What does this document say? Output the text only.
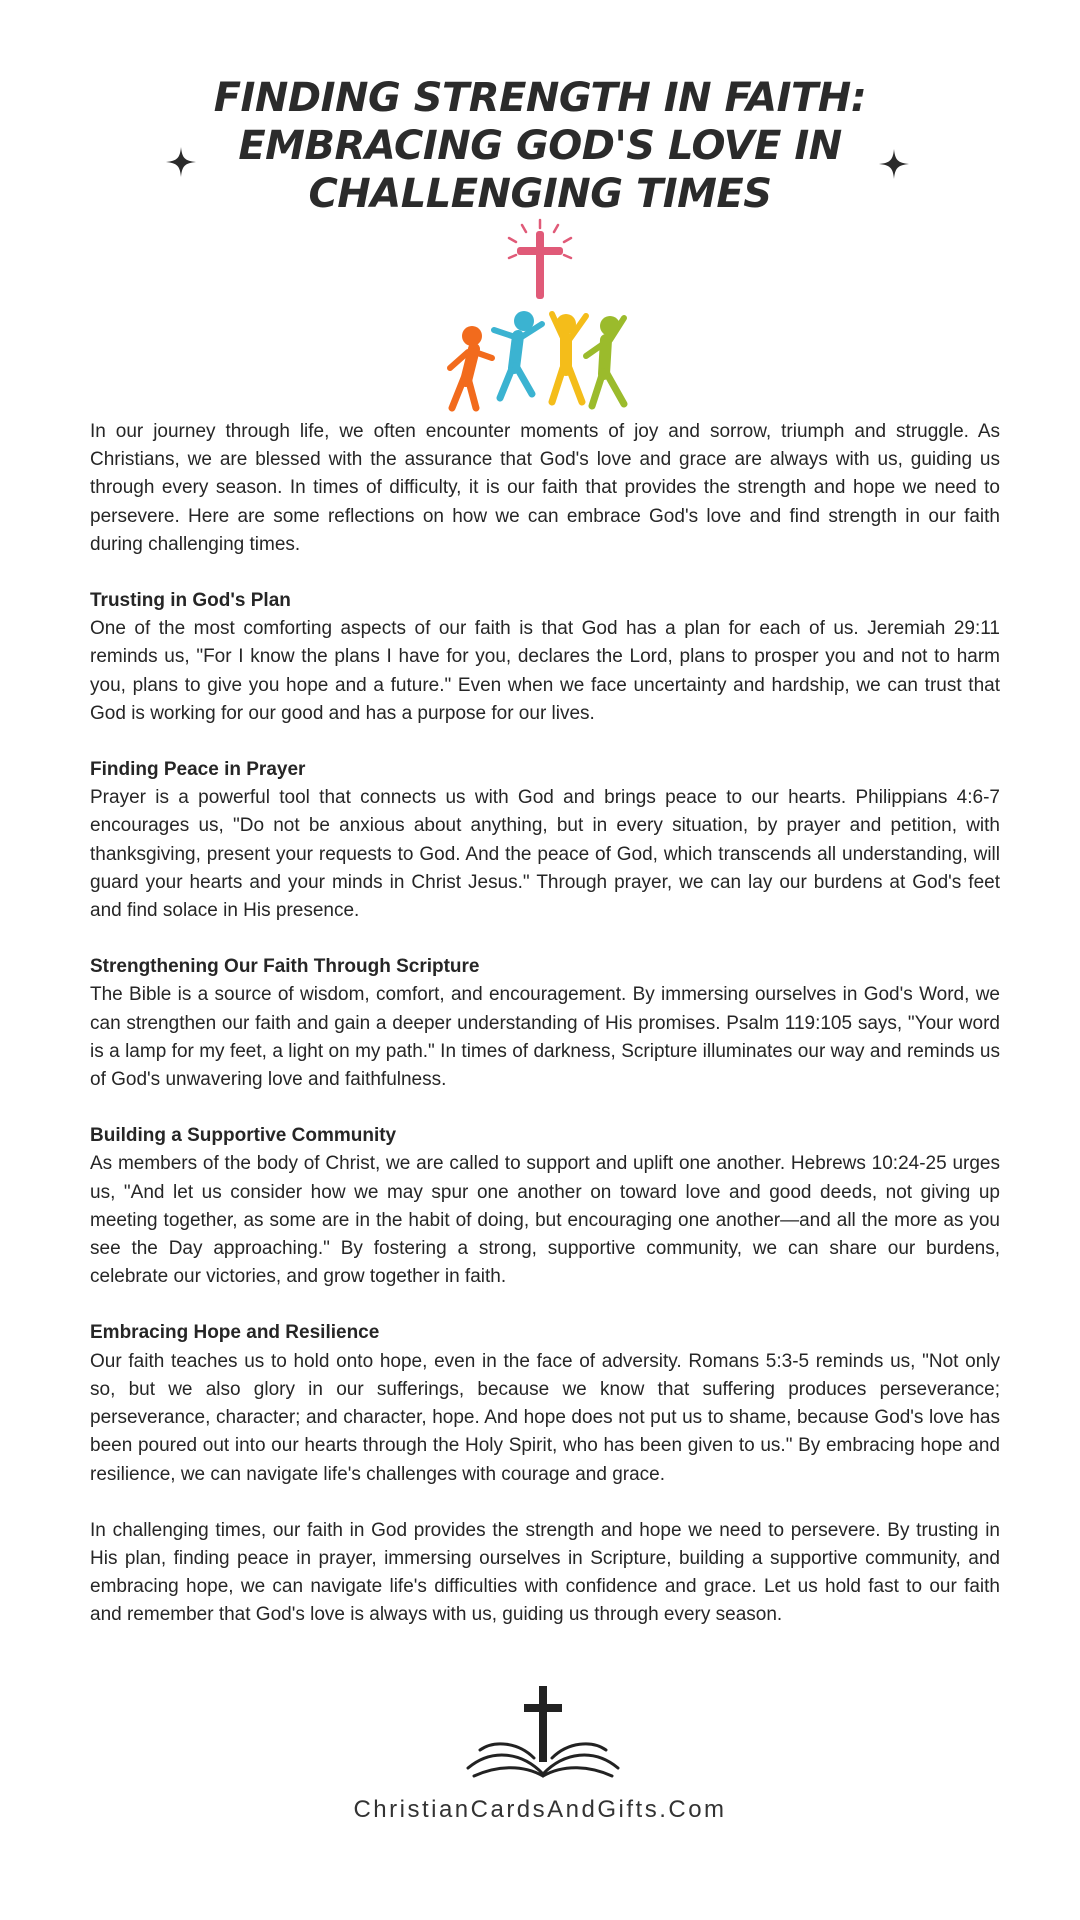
FINDING STRENGTH IN FAITH:
EMBRACING GOD'S LOVE IN
CHALLENGING TIMES

In our journey through life, we often encounter moments of joy and sorrow, triumph and struggle. As Christians, we are blessed with the assurance that God's love and grace are always with us, guiding us through every season. In times of difficulty, it is our faith that provides the strength and hope we need to persevere. Here are some reflections on how we can embrace God's love and find strength in our faith during challenging times.

Trusting in God's Plan

One of the most comforting aspects of our faith is that God has a plan for each of us. Jeremiah 29:11 reminds us, "For I know the plans I have for you, declares the Lord, plans to prosper you and not to harm you, plans to give you hope and a future." Even when we face uncertainty and hardship, we can trust that God is working for our good and has a purpose for our lives.

Finding Peace in Prayer

Prayer is a powerful tool that connects us with God and brings peace to our hearts. Philippians 4:6-7 encourages us, "Do not be anxious about anything, but in every situation, by prayer and petition, with thanksgiving, present your requests to God. And the peace of God, which transcends all understanding, will guard your hearts and your minds in Christ Jesus." Through prayer, we can lay our burdens at God's feet and find solace in His presence.

Strengthening Our Faith Through Scripture

The Bible is a source of wisdom, comfort, and encouragement. By immersing ourselves in God's Word, we can strengthen our faith and gain a deeper understanding of His promises. Psalm 119:105 says, "Your word is a lamp for my feet, a light on my path." In times of darkness, Scripture illuminates our way and reminds us of God's unwavering love and faithfulness.

Building a Supportive Community

As members of the body of Christ, we are called to support and uplift one another. Hebrews 10:24-25 urges us, "And let us consider how we may spur one another on toward love and good deeds, not giving up meeting together, as some are in the habit of doing, but encouraging one another—and all the more as you see the Day approaching." By fostering a strong, supportive community, we can share our burdens, celebrate our victories, and grow together in faith.

Embracing Hope and Resilience

Our faith teaches us to hold onto hope, even in the face of adversity. Romans 5:3-5 reminds us, "Not only so, but we also glory in our sufferings, because we know that suffering produces perseverance; perseverance, character; and character, hope. And hope does not put us to shame, because God's love has been poured out into our hearts through the Holy Spirit, who has been given to us." By embracing hope and resilience, we can navigate life's challenges with courage and grace.

In challenging times, our faith in God provides the strength and hope we need to persevere. By trusting in His plan, finding peace in prayer, immersing ourselves in Scripture, building a supportive community, and embracing hope, we can navigate life's difficulties with confidence and grace. Let us hold fast to our faith and remember that God's love is always with us, guiding us through every season.

ChristianCardsAndGifts.Com
